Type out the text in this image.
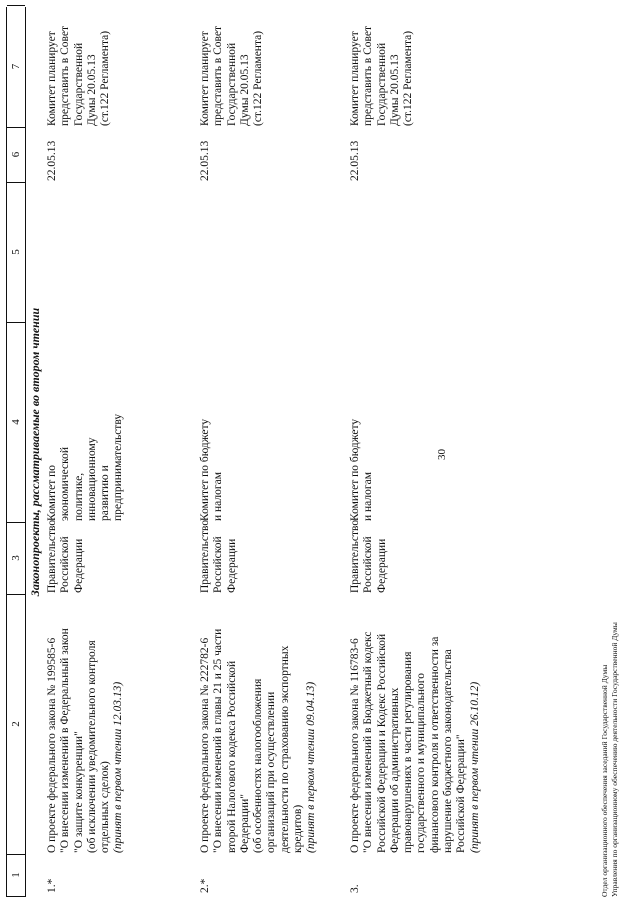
30
1
2
3
4
5
6
7
Законопроекты, рассматриваемые во втором чтении
1.*
О проекте федерального закона № 199585-6 "О внесении изменений в Федеральный закон "О защите конкуренции" (об исключении уведомительного контроля отдельных сделок) (принят в первом чтении 12.03.13)
Правительство Российской Федерации
Комитет по экономической политике, инновационному развитию и предпринимательству
22.05.13
Комитет планирует представить в Совет Государственной Думы 20.05.13 (ст.122 Регламента)
2.*
О проекте федерального закона № 222782-6 "О внесении изменений в главы 21 и 25 части второй Налогового кодекса Российской Федерации" (об особенностях налогообложения организаций при осуществлении деятельности по страхованию экспортных кредитов) (принят в первом чтении 09.04.13)
Правительство Российской Федерации
Комитет по бюджету и налогам
22.05.13
Комитет планирует представить в Совет Государственной Думы 20.05.13 (ст.122 Регламента)
3.
О проекте федерального закона № 116783-6 "О внесении изменений в Бюджетный кодекс Российской Федерации и Кодекс Российской Федерации об административных правонарушениях в части регулирования государственного и муниципального финансового контроля и ответственности за нарушение бюджетного законодательства Российской Федерации" (принят в первом чтении 26.10.12)
Правительство Российской Федерации
Комитет по бюджету и налогам
22.05.13
Комитет планирует представить в Совет Государственной Думы 20.05.13 (ст.122 Регламента)
Отдел организационного обеспечения заседаний Государственной Думы Управления по организационному обеспечению деятельности Государственной Думы
